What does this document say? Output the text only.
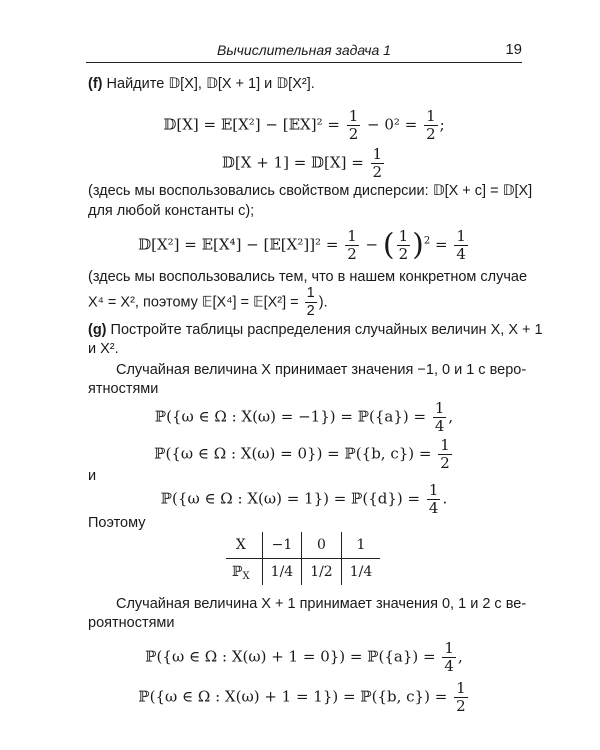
Вычислительная задача 1	19
(f) Найдите 𝔻[X], 𝔻[X + 1] и 𝔻[X²].
𝔻[X] = 𝔼[X²] − [𝔼X]² = $\frac{1}{2} - 0^2 = \frac{1}{2}$ ;
𝔻[X + 1] = 𝔻[X] = $\frac{1}{2}$
(здесь мы воспользовались свойством дисперсии: 𝔻[X + c] = 𝔻[X]
для любой константы c);
𝔻[X²] = 𝔼[X⁴] − [𝔼[X²]]² = $\frac{1}{2}$ − ( $\frac{1}{2} )^2 = \frac{1}{4}$
(здесь мы воспользовались тем, что в нашем конкретном случае
X⁴ = X², поэтому 𝔼[X⁴] = 𝔼[X²] = $\frac{1}{2}$ ).
(g) Постройте таблицы распределения случайных величин X, X + 1
и X².
Случайная величина X принимает значения −1, 0 и 1 с веро-
ятностями
ℙ({ω ∈ Ω : X(ω) = −1}) = ℙ({a}) = $\frac{1}{4}$ ,
ℙ({ω ∈ Ω : X(ω) = 0}) = ℙ({b, $c\}) = \frac{1}{2}$
и
ℙ({ω ∈ Ω : X(ω) = 1}) = ℙ({d}) = $\frac{1}{4}$ .
Поэтому
X	−1	0	1
ℙ$_X$	1/4	1/2	1/4
Случайная величина X + 1 принимает значения 0, 1 и 2 с ве-
роятностями
ℙ({ω ∈ Ω : X(ω) + 1 = 0}) = ℙ({a}) = $\frac{1}{4}$ ,
ℙ({ω ∈ Ω : X(ω) + 1 = 1}) = ℙ({b, $c\}) = \frac{1}{2}$
